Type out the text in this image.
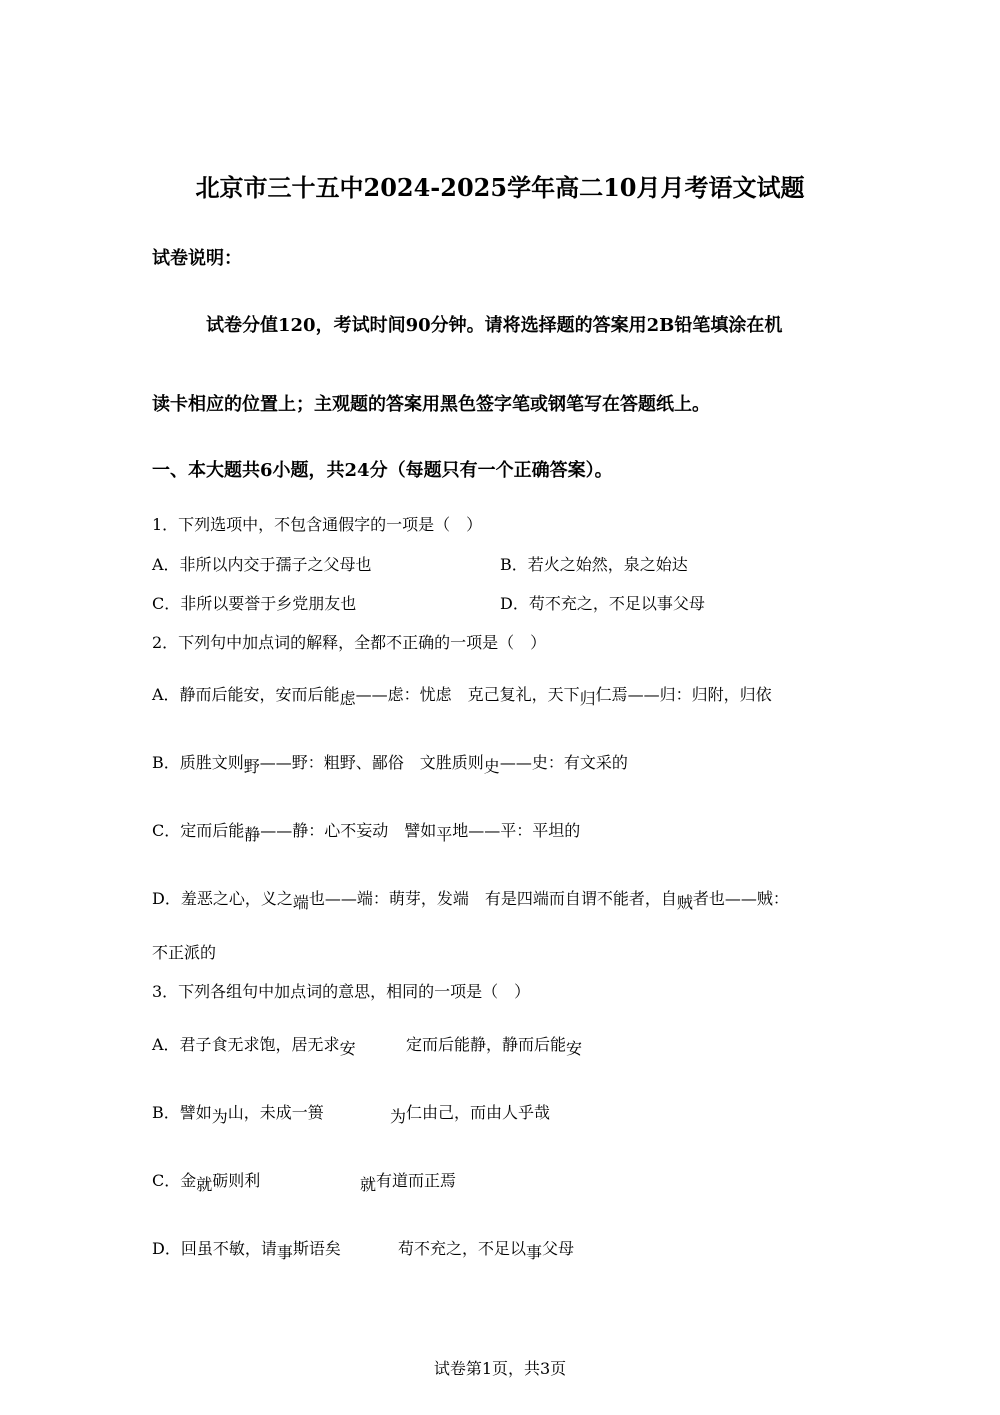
北京市三十五中2024-2025学年高二10月月考语文试题
试卷说明：
试卷分值120，考试时间90分钟。请将选择题的答案用2B铅笔填涂在机
读卡相应的位置上；主观题的答案用黑色签字笔或钢笔写在答题纸上。
一、本大题共6小题，共24分（每题只有一个正确答案）。
1．下列选项中，不包含通假字的一项是（　）
A．非所以内交于孺子之父母也	B．若火之始然，泉之始达
C．非所以要誉于乡党朋友也	D．苟不充之，不足以事父母
2．下列句中加点词的解释，全都不正确的一项是（　）
A．静而后能安，安而后能虑——虑：忧虑　克己复礼，天下归仁焉——归：归附，归依
B．质胜文则野——野：粗野、鄙俗　文胜质则史——史：有文采的
C．定而后能静——静：心不妄动　譬如平地——平：平坦的
D．羞恶之心，义之端也——端：萌芽，发端　有是四端而自谓不能者，自贼者也——贼：
不正派的
3．下列各组句中加点词的意思，相同的一项是（　）
A．君子食无求饱，居无求安	定而后能静，静而后能安
B．譬如为山，未成一篑	为仁由己，而由人乎哉
C．金就砺则利	就有道而正焉
D．回虽不敏，请事斯语矣	苟不充之，不足以事父母
试卷第1页，共3页
